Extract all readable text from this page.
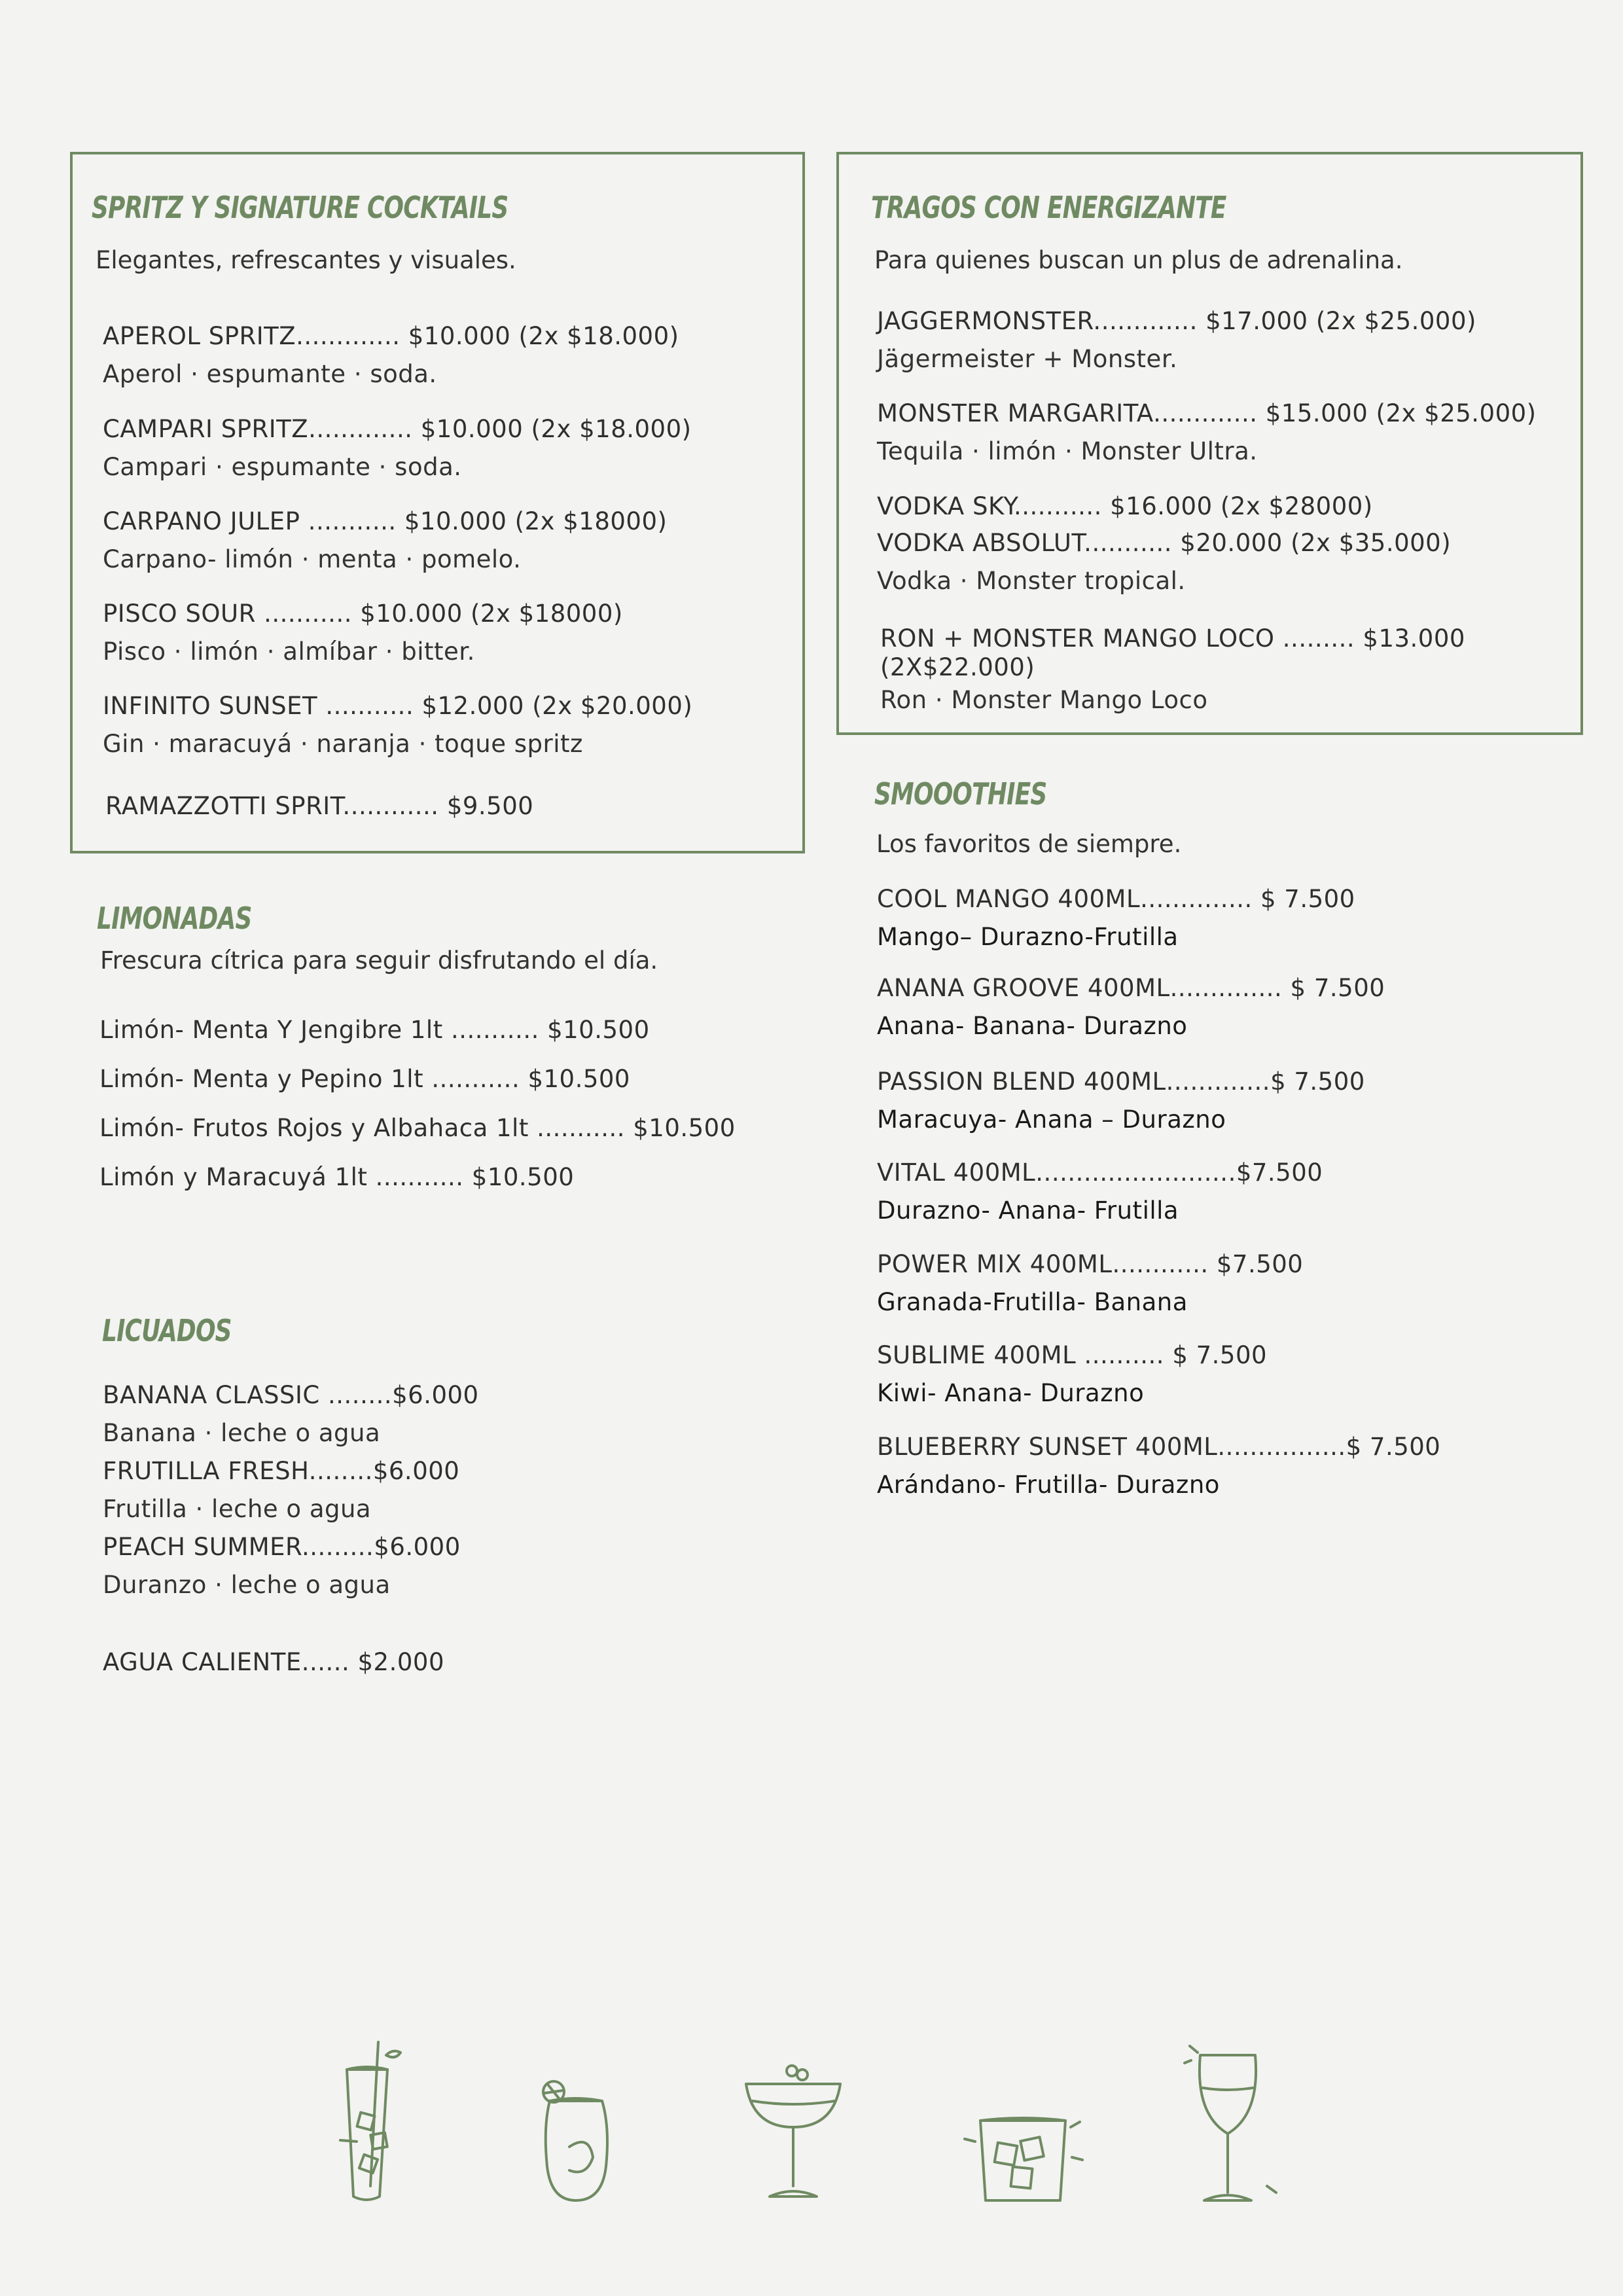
SPRITZ Y SIGNATURE COCKTAILS

Elegantes, refrescantes y visuales.

APEROL SPRITZ............. $10.000 (2x $18.000)

Aperol · espumante · soda.

CAMPARI SPRITZ............. $10.000 (2x $18.000)

Campari · espumante · soda.

CARPANO JULEP ........... $10.000 (2x $18000)

Carpano- limón · menta · pomelo.

PISCO SOUR ........... $10.000 (2x $18000)

Pisco · limón · almíbar · bitter.

INFINITO SUNSET ........... $12.000 (2x $20.000)

Gin · maracuyá · naranja · toque spritz

RAMAZZOTTI SPRIT............ $9.500

TRAGOS CON ENERGIZANTE

Para quienes buscan un plus de adrenalina.

JAGGERMONSTER............. $17.000 (2x $25.000)

Jägermeister + Monster.

MONSTER MARGARITA............. $15.000 (2x $25.000)

Tequila · limón · Monster Ultra.

VODKA SKY........... $16.000 (2x $28000)

VODKA ABSOLUT........... $20.000 (2x $35.000)

Vodka · Monster tropical.

RON + MONSTER MANGO LOCO ......... $13.000

(2X$22.000)

Ron · Monster Mango Loco

LIMONADAS

Frescura cítrica para seguir disfrutando el día.

Limón- Menta Y Jengibre 1lt ........... $10.500

Limón- Menta y Pepino 1lt ........... $10.500

Limón- Frutos Rojos y Albahaca 1lt ........... $10.500

Limón y Maracuyá 1lt ........... $10.500

LICUADOS

BANANA CLASSIC ........$6.000

Banana · leche o agua

FRUTILLA FRESH........$6.000

Frutilla · leche o agua

PEACH SUMMER.........$6.000

Duranzo · leche o agua

AGUA CALIENTE...... $2.000

SMOOOTHIES

Los favoritos de siempre.

COOL MANGO 400ML.............. $ 7.500

Mango– Durazno-Frutilla

ANANA GROOVE 400ML.............. $ 7.500

Anana- Banana- Durazno

PASSION BLEND 400ML.............$ 7.500

Maracuya- Anana – Durazno

VITAL 400ML.........................$7.500

Durazno- Anana- Frutilla

POWER MIX 400ML............ $7.500

Granada-Frutilla- Banana

SUBLIME 400ML .......... $ 7.500

Kiwi- Anana- Durazno

BLUEBERRY SUNSET 400ML................$ 7.500

Arándano- Frutilla- Durazno
